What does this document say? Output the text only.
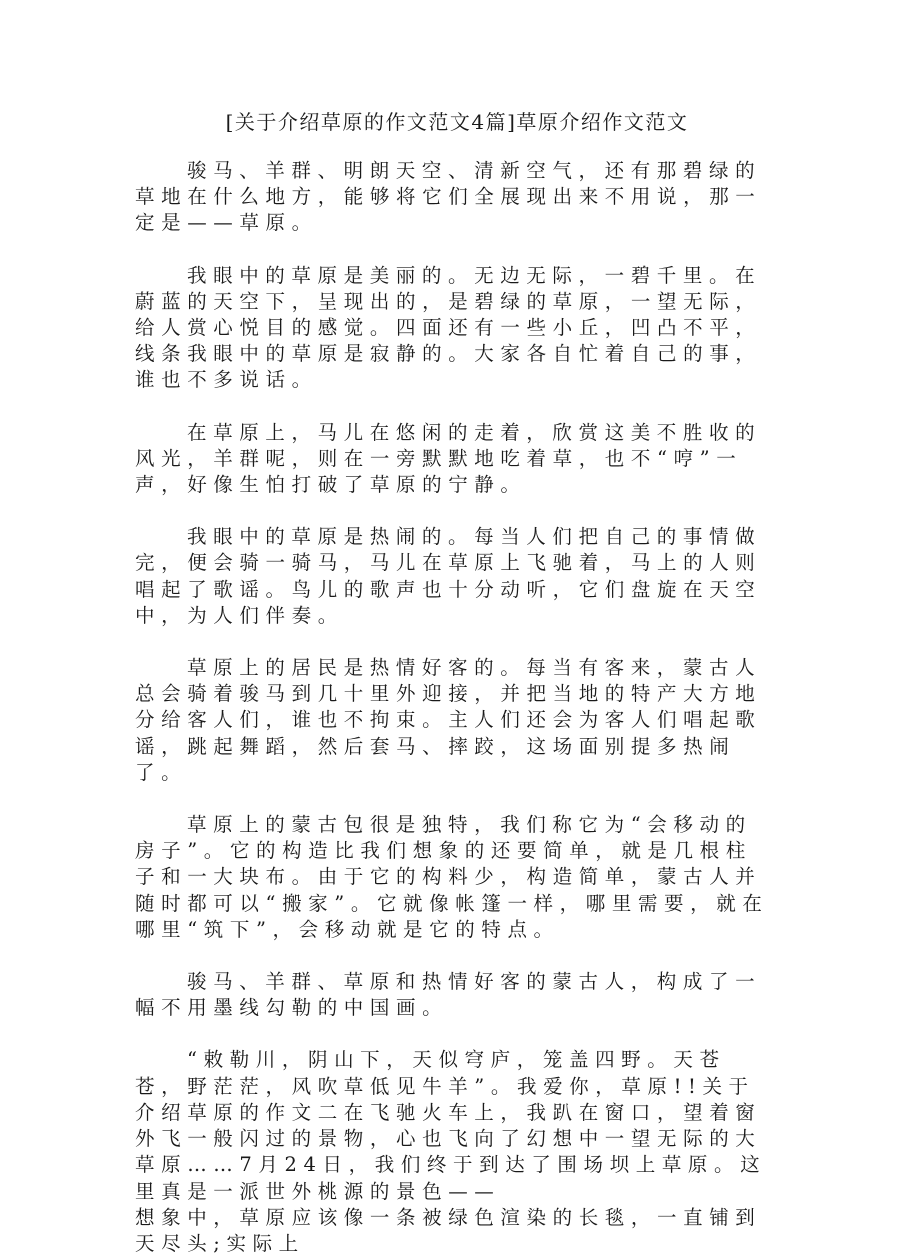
[关于介绍草原的作文范文4篇]草原介绍作文范文

骏马、羊群、明朗天空、清新空气，还有那碧绿的草地在什么地方，能够将它们全展现出来不用说，那一定是——草原。

我眼中的草原是美丽的。无边无际，一碧千里。在蔚蓝的天空下，呈现出的，是碧绿的草原，一望无际，给人赏心悦目的感觉。四面还有一些小丘，凹凸不平，线条我眼中的草原是寂静的。大家各自忙着自己的事，谁也不多说话。

在草原上，马儿在悠闲的走着，欣赏这美不胜收的风光，羊群呢，则在一旁默默地吃着草，也不“哼”一声，好像生怕打破了草原的宁静。

我眼中的草原是热闹的。每当人们把自己的事情做完，便会骑一骑马，马儿在草原上飞驰着，马上的人则唱起了歌谣。鸟儿的歌声也十分动听，它们盘旋在天空中，为人们伴奏。

草原上的居民是热情好客的。每当有客来，蒙古人总会骑着骏马到几十里外迎接，并把当地的特产大方地分给客人们，谁也不拘束。主人们还会为客人们唱起歌谣，跳起舞蹈，然后套马、摔跤，这场面别提多热闹了。

草原上的蒙古包很是独特，我们称它为“会移动的房子”。它的构造比我们想象的还要简单，就是几根柱子和一大块布。由于它的构料少，构造简单，蒙古人并随时都可以“搬家”。它就像帐篷一样，哪里需要，就在哪里“筑下”，会移动就是它的特点。

骏马、羊群、草原和热情好客的蒙古人，构成了一幅不用墨线勾勒的中国画。

“敕勒川，阴山下，天似穹庐，笼盖四野。天苍苍，野茫茫，风吹草低见牛羊”。我爱你，草原!!关于介绍草原的作文二在飞驰火车上，我趴在窗口，望着窗外飞一般闪过的景物，心也飞向了幻想中一望无际的大草原……7月24日，我们终于到达了围场坝上草原。这里真是一派世外桃源的景色——

想象中，草原应该像一条被绿色渲染的长毯，一直铺到天尽头;实际上
